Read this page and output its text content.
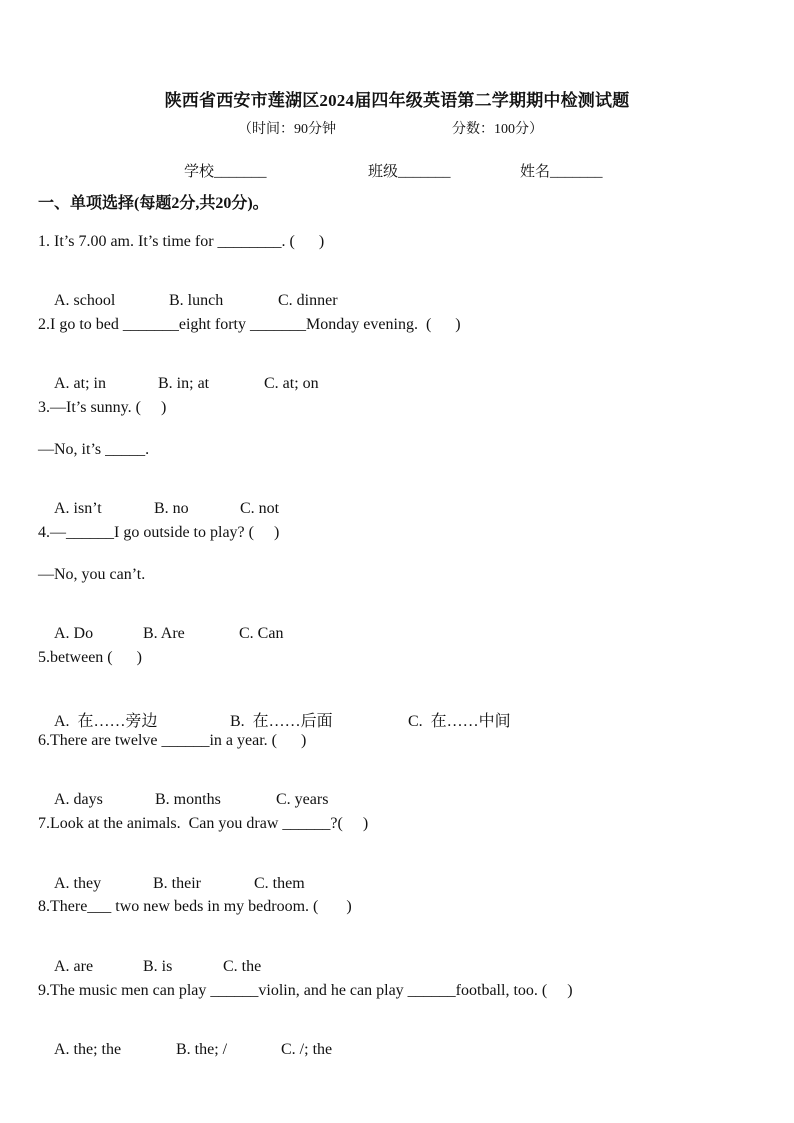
陕西省西安市莲湖区2024届四年级英语第二学期期中检测试题
（时间：90分钟	分数：100分）
学校_______	班级_______	姓名_______
一、单项选择(每题2分,共20分)。
1. It’s 7.00 am. It’s time for ________. (      )

A. school	B. lunch	C. dinner

2.I go to bed _______eight forty _______Monday evening.  (      )

A. at; in	B. in; at	C. at; on

3.—It’s sunny. (     )
—No, it’s _____.

A. isn’t	B. no	C. not

4.—______I go outside to play? (     )
—No, you can’t.

A. Do	B. Are	C. Can

5.between (      )

A.  在……旁边	B.  在……后面	C.  在……中间

6.There are twelve ______in a year. (      )

A. days	B. months	C. years

7.Look at the animals.  Can you draw ______?(     )

A. they	B. their	C. them

8.There___ two new beds in my bedroom. (       )

A. are	B. is	C. the

9.The music men can play ______violin, and he can play ______football, too. (     )

A. the; the	B. the; /	C. /; the
